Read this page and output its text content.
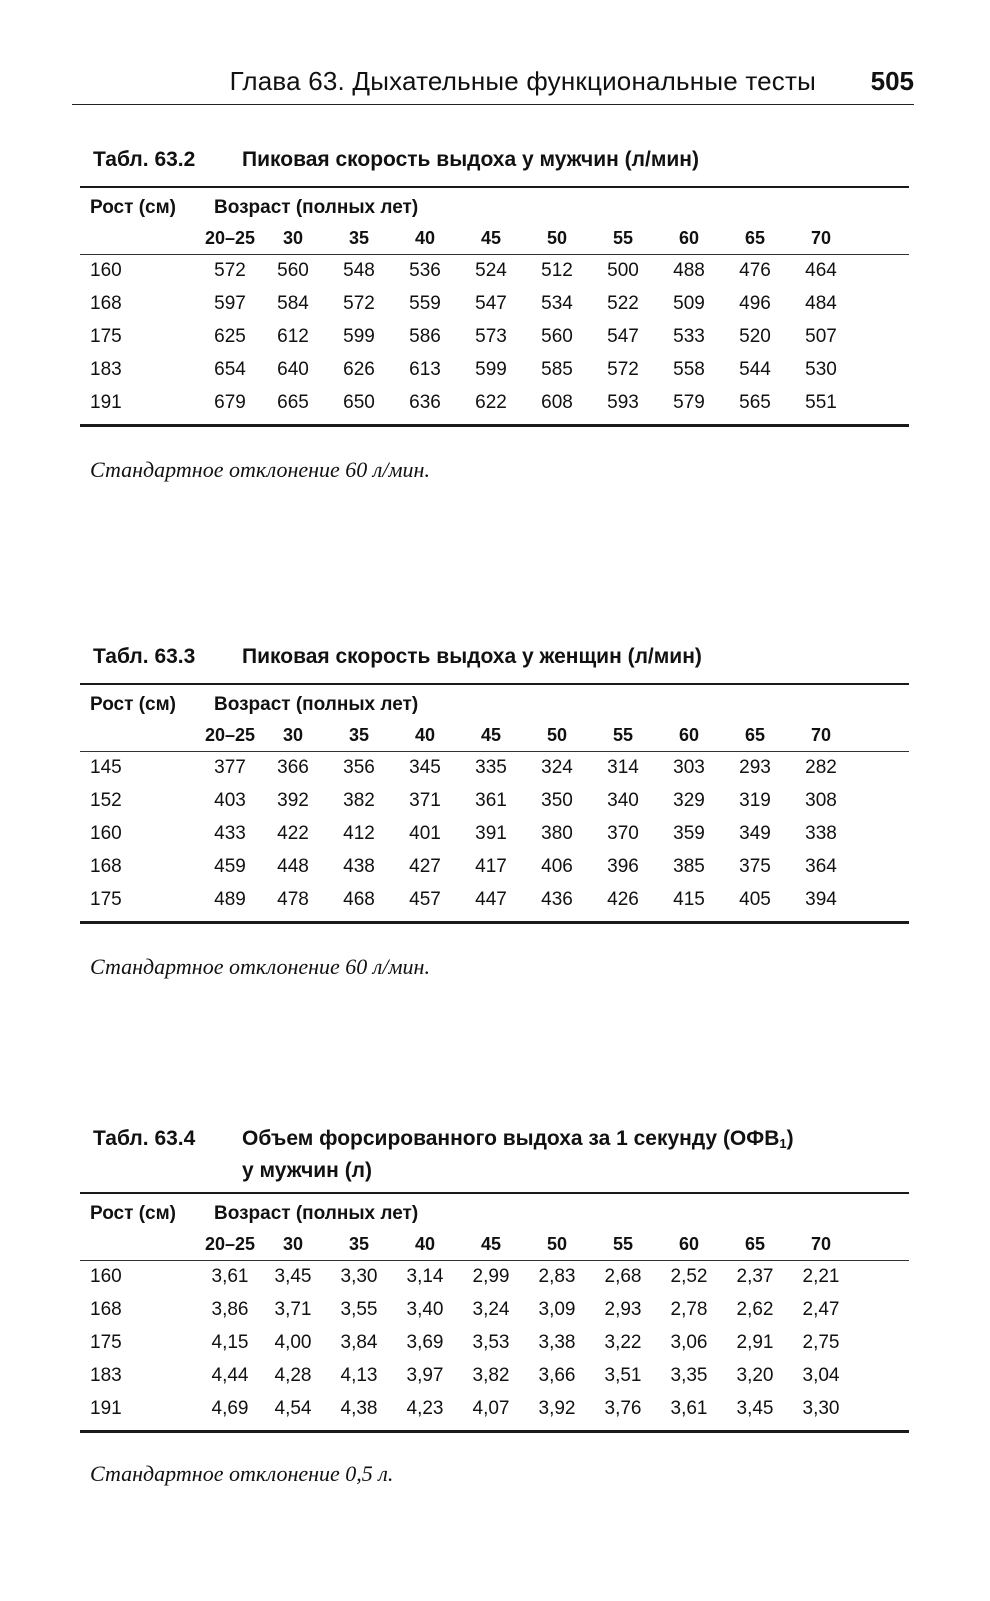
Глава 63. Дыхательные функциональные тесты 505
Табл. 63.2 Пиковая скорость выдоха у мужчин (л/мин)
Рост (см) Возраст (полных лет)
20–25 30	35	40	45	50	55	60	65	70
160	572 560 548 536 524 512 500 488 476 464
168	597 584 572 559 547 534 522 509 496 484
175	625 612 599 586 573 560 547 533 520 507
183	654 640 626 613 599 585 572 558 544 530
191	679 665 650 636 622 608 593 579 565 551
Стандартное отклонение 60 л/мин.
Табл. 63.3 Пиковая скорость выдоха у женщин (л/мин)
Рост (см) Возраст (полных лет)
20–25 30	35	40	45	50	55	60	65	70
145	377 366 356 345 335 324 314 303 293 282
152	403 392 382 371 361 350 340 329 319 308
160	433 422 412 401 391 380 370 359 349 338
168	459 448 438 427 417 406 396 385 375 364
175	489 478 468 457 447 436 426 415 405 394
Стандартное отклонение 60 л/мин.
Табл. 63.4 Объем форсированного выдоха за 1 секунду $(ОФВ_1)$
у мужчин (л)
Рост (см) Возраст (полных лет)
20–25 30	35	40	45	50	55	60	65	70
160	3,61 3,45 3,30 3,14 2,99 2,83 2,68 2,52 2,37 2,21
168	3,86 3,71 3,55 3,40 3,24 3,09 2,93 2,78 2,62 2,47
175	4,15 4,00 3,84 3,69 3,53 3,38 3,22 3,06 2,91 2,75
183	4,44 4,28 4,13 3,97 3,82 3,66 3,51 3,35 3,20 3,04
191	4,69 4,54 4,38 4,23 4,07 3,92 3,76 3,61 3,45 3,30
Стандартное отклонение 0,5 л.
